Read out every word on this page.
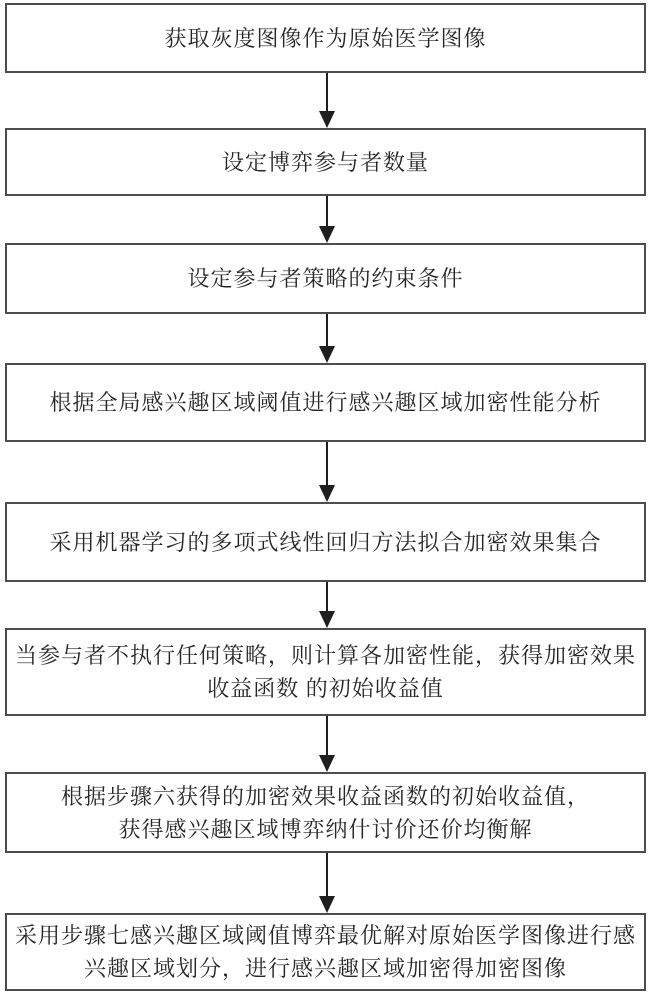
获取灰度图像作为原始医学图像
设定博弈参与者数量
设定参与者策略的约束条件
根据全局感兴趣区域阈值进行感兴趣区域加密性能分析
采用机器学习的多项式线性回归方法拟合加密效果集合
当参与者不执行任何策略，则计算各加密性能，获得加密效果
收益函数 的初始收益值
根据步骤六获得的加密效果收益函数的初始收益值，
获得感兴趣区域博弈纳什讨价还价均衡解
采用步骤七感兴趣区域阈值博弈最优解对原始医学图像进行感
兴趣区域划分，进行感兴趣区域加密得加密图像
